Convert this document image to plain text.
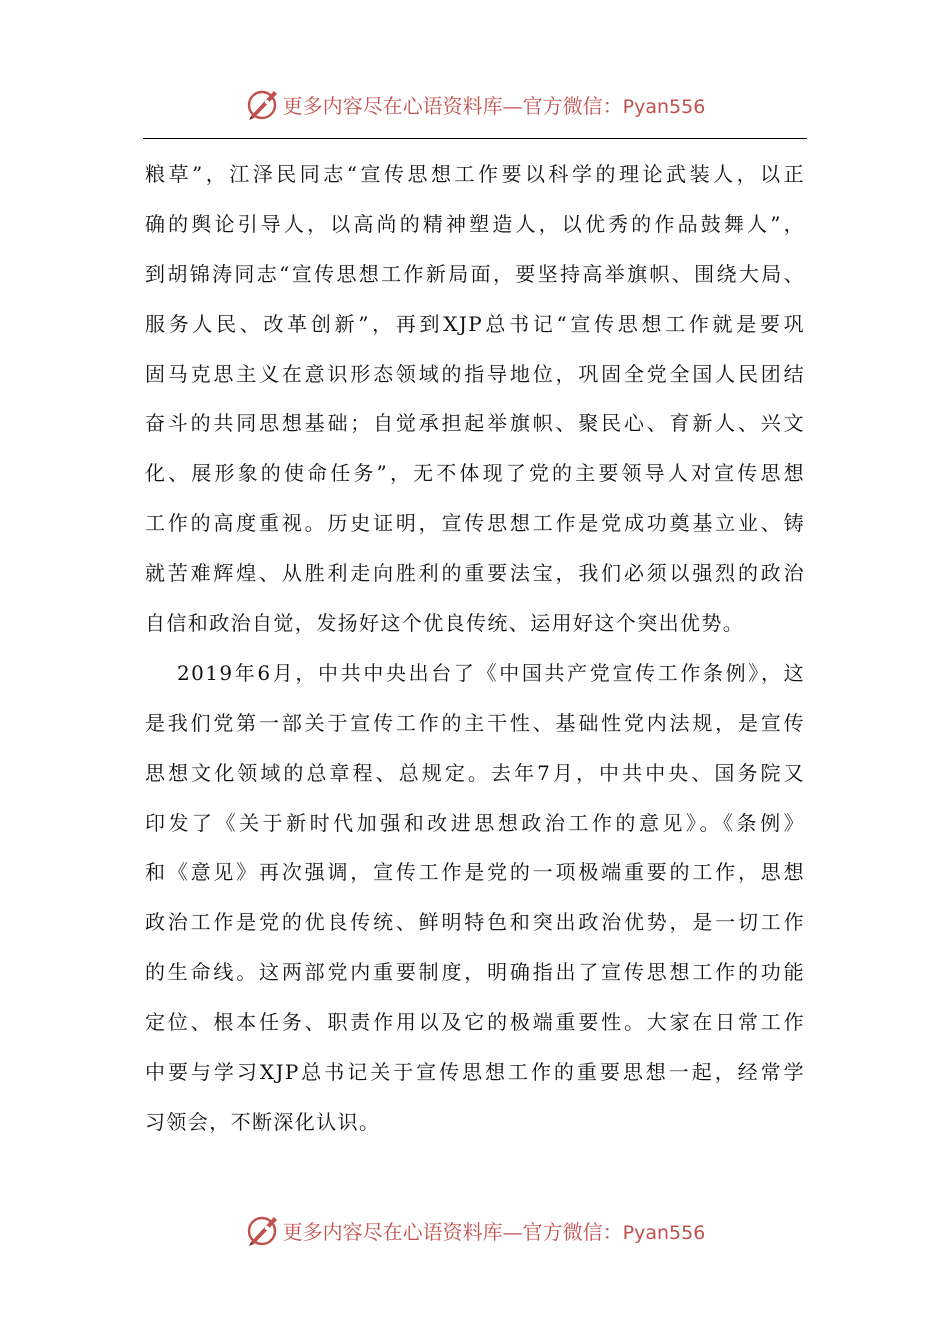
更多内容尽在心语资料库—官方微信：Pyan556
粮草”，江泽民同志“宣传思想工作要以科学的理论武装人，以正
确的舆论引导人，以高尚的精神塑造人，以优秀的作品鼓舞人”，
到胡锦涛同志“宣传思想工作新局面，要坚持高举旗帜、围绕大局、
服务人民、改革创新”，再到XJP总书记“宣传思想工作就是要巩
固马克思主义在意识形态领域的指导地位，巩固全党全国人民团结
奋斗的共同思想基础；自觉承担起举旗帜、聚民心、育新人、兴文
化、展形象的使命任务”，无不体现了党的主要领导人对宣传思想
工作的高度重视。历史证明，宣传思想工作是党成功奠基立业、铸
就苦难辉煌、从胜利走向胜利的重要法宝，我们必须以强烈的政治
自信和政治自觉，发扬好这个优良传统、运用好这个突出优势。
2019年6月，中共中央出台了《中国共产党宣传工作条例》，这
是我们党第一部关于宣传工作的主干性、基础性党内法规，是宣传
思想文化领域的总章程、总规定。去年7月，中共中央、国务院又
印发了《关于新时代加强和改进思想政治工作的意见》。《条例》
和《意见》再次强调，宣传工作是党的一项极端重要的工作，思想
政治工作是党的优良传统、鲜明特色和突出政治优势，是一切工作
的生命线。这两部党内重要制度，明确指出了宣传思想工作的功能
定位、根本任务、职责作用以及它的极端重要性。大家在日常工作
中要与学习XJP总书记关于宣传思想工作的重要思想一起，经常学
习领会，不断深化认识。
更多内容尽在心语资料库—官方微信：Pyan556
